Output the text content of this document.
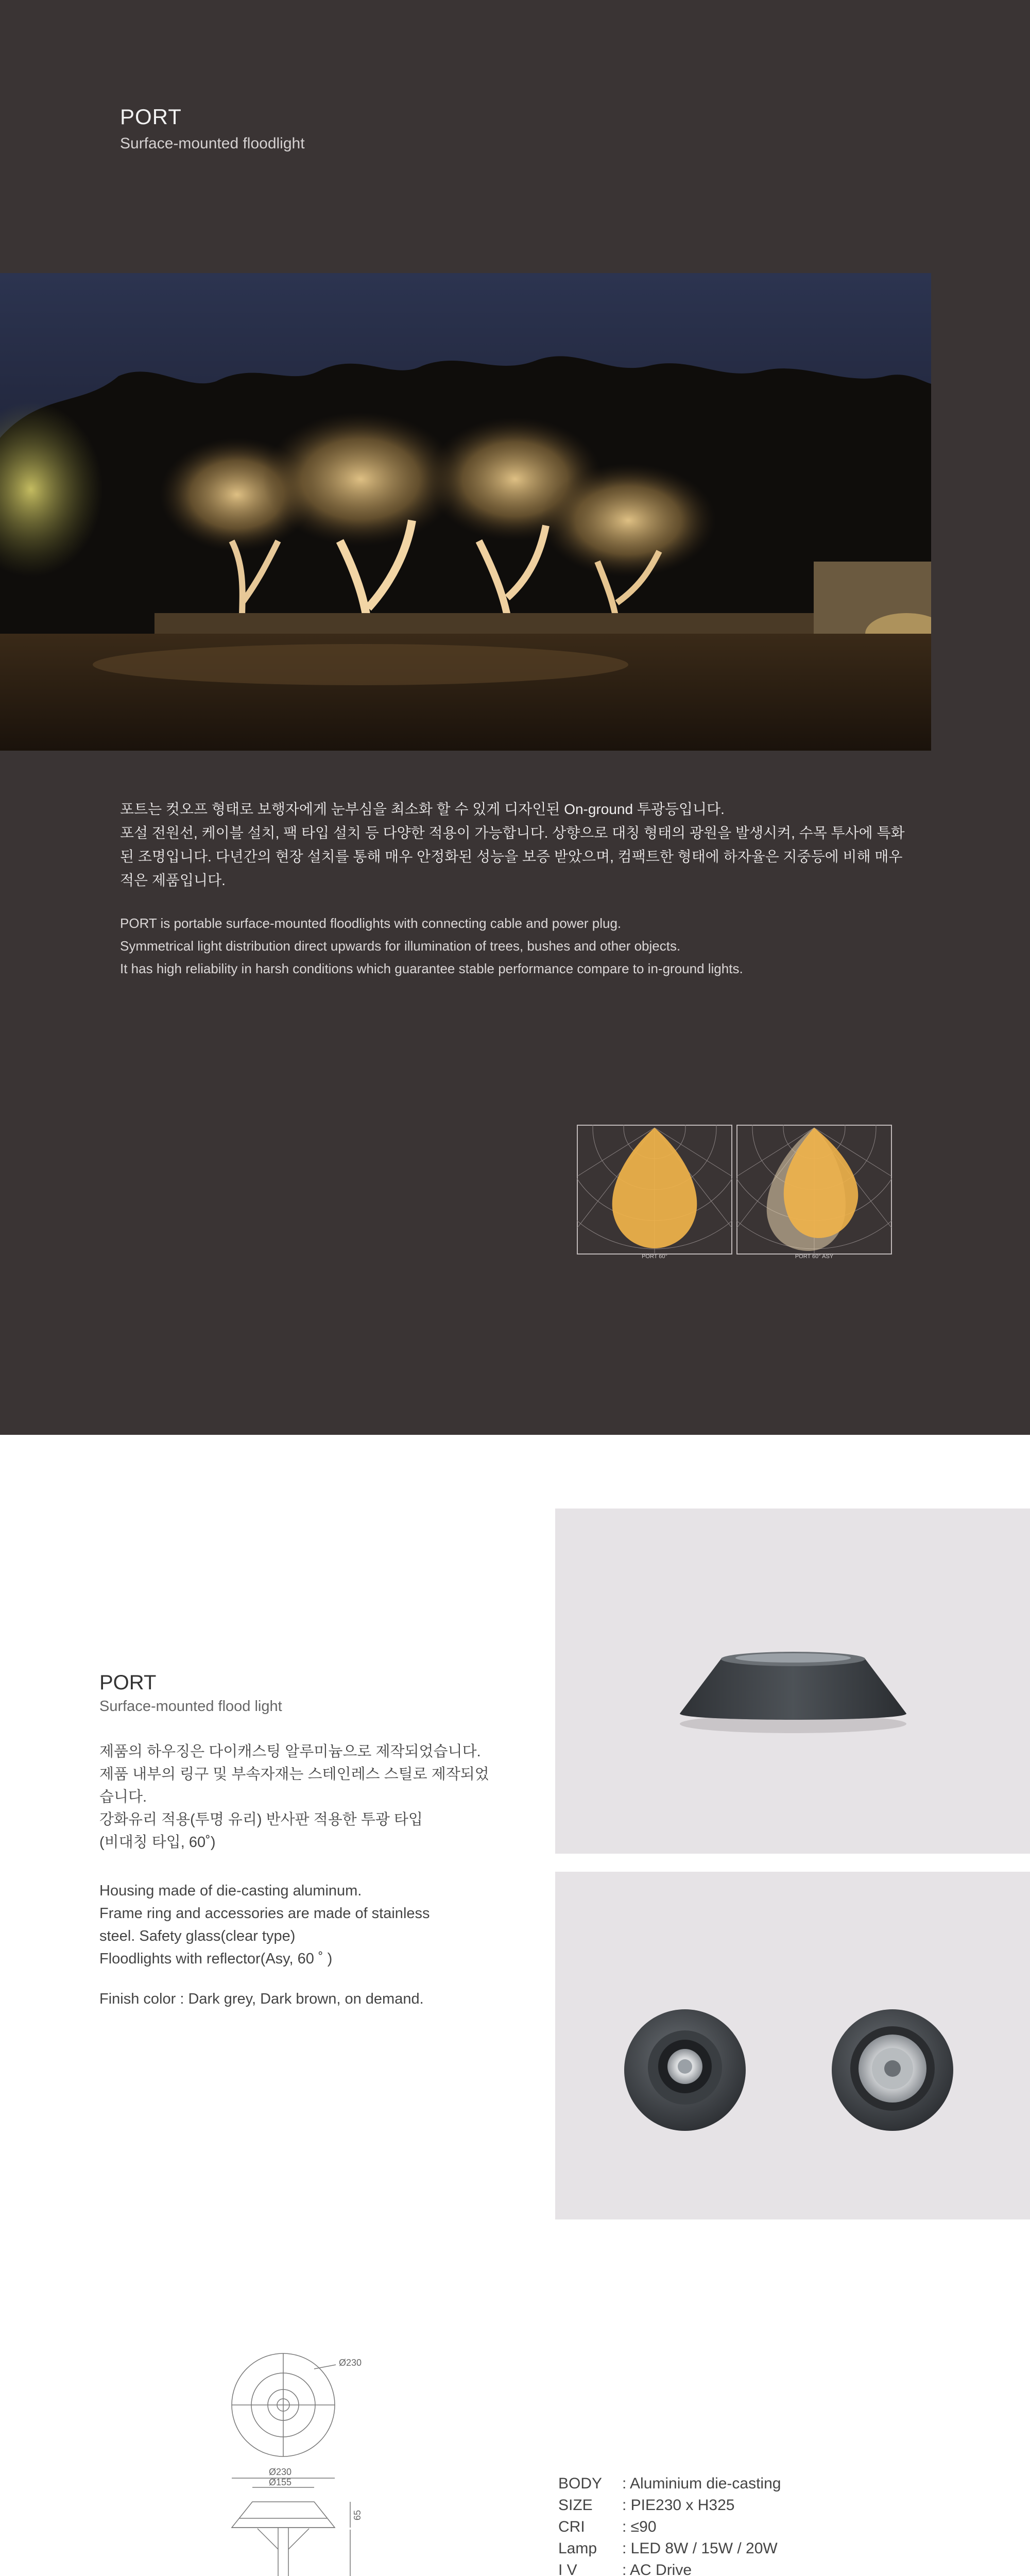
PORT
Surface-mounted floodlight

포트는 컷오프 형태로 보행자에게 눈부심을 최소화 할 수 있게 디자인된 On-ground 투광등입니다.

포설 전원선, 케이블 설치, 팩 타입 설치 등 다양한 적용이 가능합니다. 상향으로 대칭 형태의 광원을 발생시켜, 수목 투사에 특화

된 조명입니다. 다년간의 현장 설치를 통해 매우 안정화된 성능을 보증 받았으며, 컴팩트한 형태에 하자율은 지중등에 비해 매우

적은 제품입니다.

PORT is portable surface-mounted floodlights with connecting cable and power plug.

Symmetrical light distribution direct upwards for illumination of trees, bushes and other objects.

It has high reliability in harsh conditions which guarantee stable performance compare to in-ground lights.

PORT 60°	PORT 60° ASY
PORT
Surface-mounted flood light

제품의 하우징은 다이캐스팅 알루미늄으로 제작되었습니다.

제품 내부의 링구 및 부속자재는 스테인레스 스틸로 제작되었

습니다.

강화유리 적용(투명 유리) 반사판 적용한 투광 타입

(비대칭 타입, 60˚)

Housing made of die-casting aluminum.

Frame ring and accessories are made of stainless

steel. Safety glass(clear type)

Floodlights with reflector(Asy, 60 ˚ )

Finish color : Dark grey, Dark brown, on demand.
Ø230
Ø230
Ø155
65
BODY	: Aluminium die-casting
SIZE	: PIE230 x H325
CRI	: ≤90
Lamp	: LED 8W / 15W / 20W
I V	: AC Drive
